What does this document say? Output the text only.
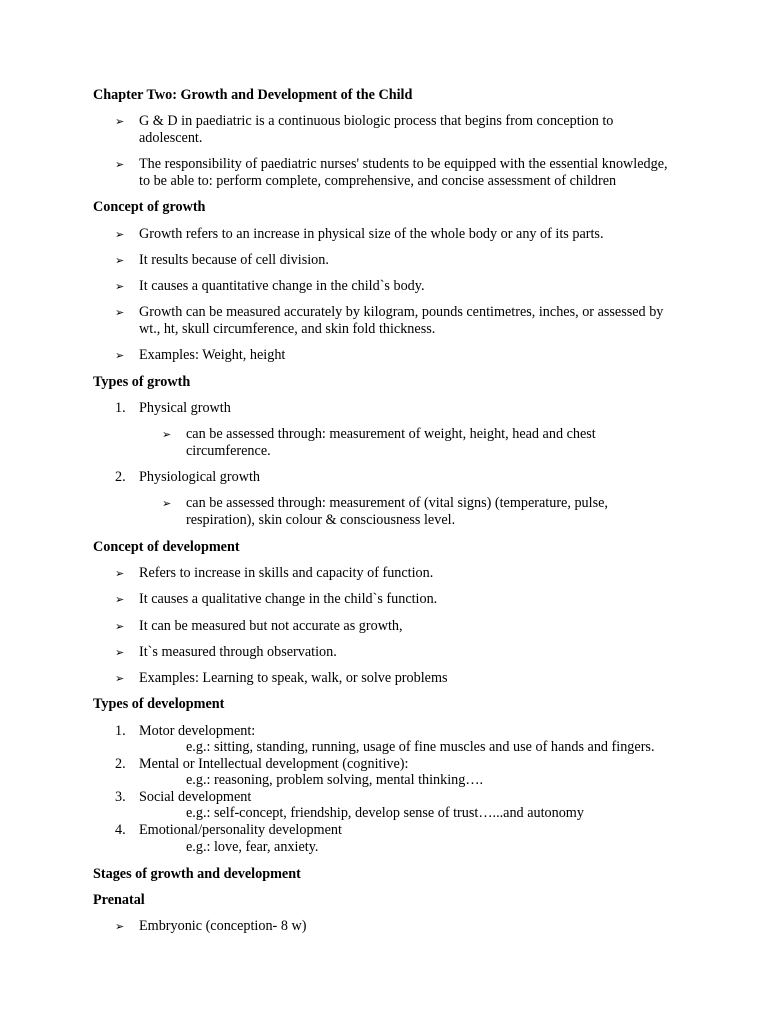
Chapter Two: Growth and Development of the Child
➢ G & D in paediatric is a continuous biologic process that begins from conception to adolescent.
➢ The responsibility of paediatric nurses' students to be equipped with the essential knowledge, to be able to: perform complete, comprehensive, and concise assessment of children
Concept of growth
➢ Growth refers to an increase in physical size of the whole body or any of its parts.
➢ It results because of cell division.
➢ It causes a quantitative change in the child`s body.
➢ Growth can be measured accurately by kilogram, pounds centimetres, inches, or assessed by wt., ht, skull circumference, and skin fold thickness.
➢ Examples: Weight, height
Types of growth
1. Physical growth
➢ can be assessed through: measurement of weight, height, head and chest circumference.
2. Physiological growth
➢ can be assessed through: measurement of (vital signs) (temperature, pulse, respiration), skin colour & consciousness level.
Concept of development
➢ Refers to increase in skills and capacity of function.
➢ It causes a qualitative change in the child`s function.
➢ It can be measured but not accurate as growth,
➢ It`s measured through observation.
➢ Examples: Learning to speak, walk, or solve problems
Types of development
1. Motor development:
e.g.: sitting, standing, running, usage of fine muscles and use of hands and fingers.
2. Mental or Intellectual development (cognitive):
e.g.: reasoning, problem solving, mental thinking….
3. Social development
e.g.: self-concept, friendship, develop sense of trust…...and autonomy
4. Emotional/personality development
e.g.: love, fear, anxiety.
Stages of growth and development
Prenatal
➢ Embryonic (conception- 8 w)
